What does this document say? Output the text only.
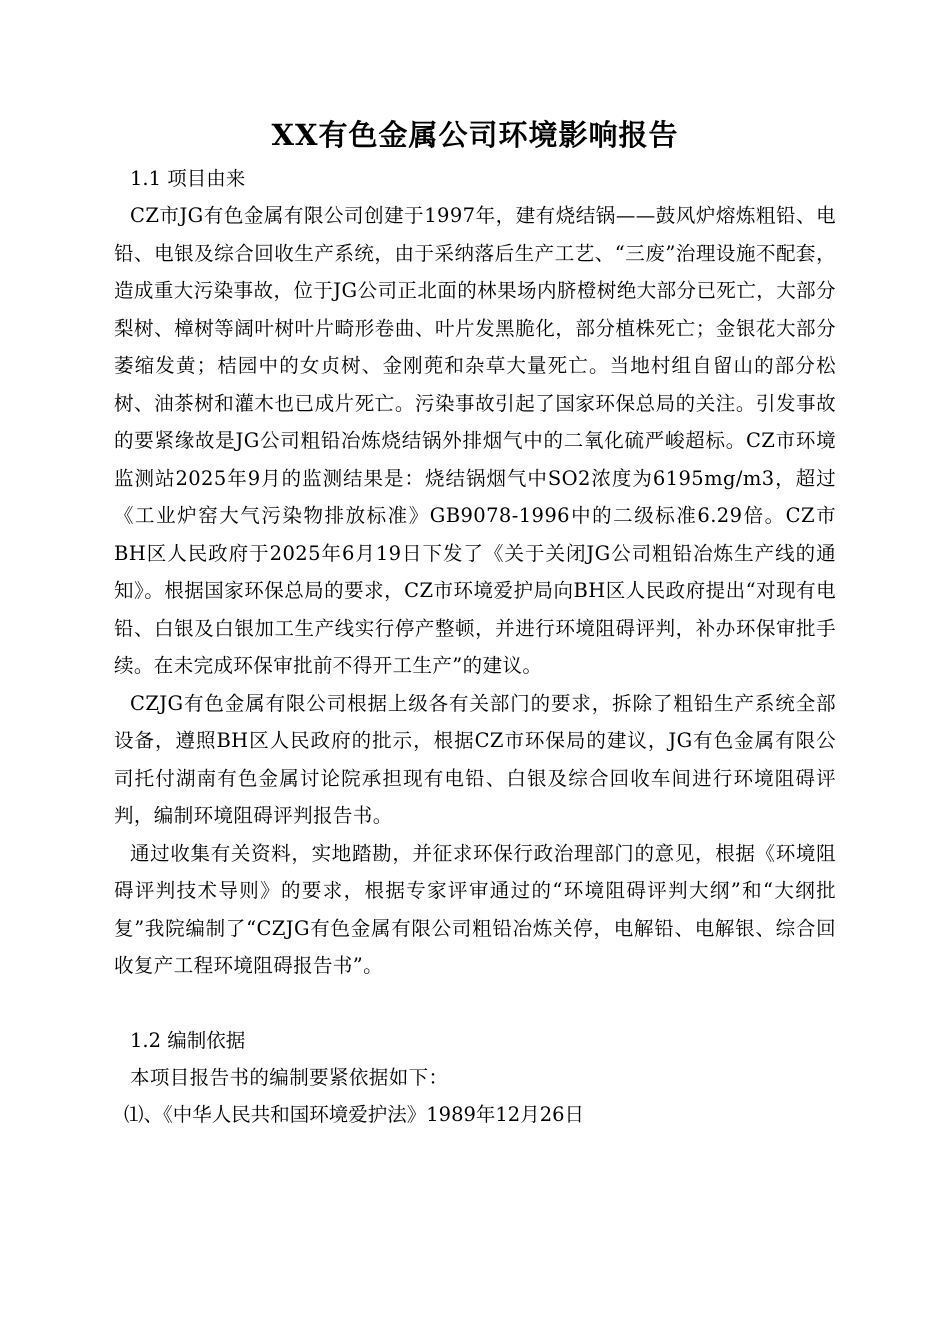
XX有色金属公司环境影响报告

1.1 项目由来

CZ市JG有色金属有限公司创建于1997年，建有烧结锅——鼓风炉熔炼粗铅、电铅、电银及综合回收生产系统，由于采纳落后生产工艺、“三废”治理设施不配套，造成重大污染事故，位于JG公司正北面的林果场内脐橙树绝大部分已死亡，大部分梨树、樟树等阔叶树叶片畸形卷曲、叶片发黑脆化，部分植株死亡；金银花大部分萎缩发黄；桔园中的女贞树、金刚蔸和杂草大量死亡。当地村组自留山的部分松树、油茶树和灌木也已成片死亡。污染事故引起了国家环保总局的关注。引发事故的要紧缘故是JG公司粗铅冶炼烧结锅外排烟气中的二氧化硫严峻超标。CZ市环境监测站2025年9月的监测结果是：烧结锅烟气中SO2浓度为6195mg/m3，超过《工业炉窑大气污染物排放标准》GB9078-1996中的二级标准6.29倍。CZ市BH区人民政府于2025年6月19日下发了《关于关闭JG公司粗铅冶炼生产线的通知》。根据国家环保总局的要求，CZ市环境爱护局向BH区人民政府提出“对现有电铅、白银及白银加工生产线实行停产整顿，并进行环境阻碍评判，补办环保审批手续。在未完成环保审批前不得开工生产”的建议。

CZJG有色金属有限公司根据上级各有关部门的要求，拆除了粗铅生产系统全部设备，遵照BH区人民政府的批示，根据CZ市环保局的建议，JG有色金属有限公司托付湖南有色金属讨论院承担现有电铅、白银及综合回收车间进行环境阻碍评判，编制环境阻碍评判报告书。

通过收集有关资料，实地踏勘，并征求环保行政治理部门的意见，根据《环境阻碍评判技术导则》的要求，根据专家评审通过的“环境阻碍评判大纲”和“大纲批复”我院编制了“CZJG有色金属有限公司粗铅冶炼关停，电解铅、电解银、综合回收复产工程环境阻碍报告书”。

1.2 编制依据

本项目报告书的编制要紧依据如下：

⑴、《中华人民共和国环境爱护法》1989年12月26日
